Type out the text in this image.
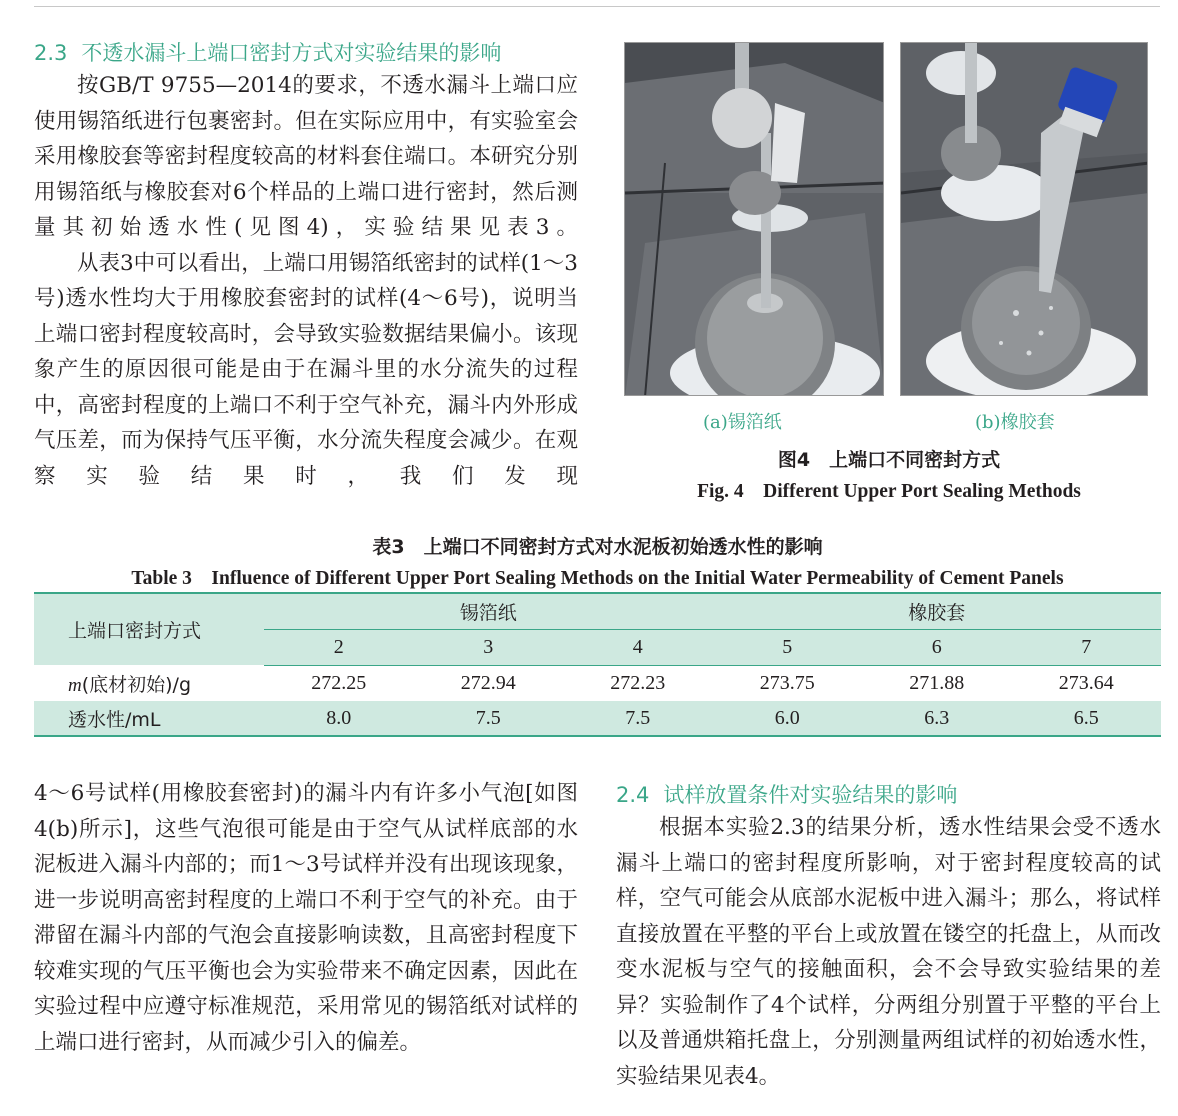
2.3 不透水漏斗上端口密封方式对实验结果的影响

按GB/T 9755—2014的要求，不透水漏斗上端口应使用锡箔纸进行包裹密封。但在实际应用中，有实验室会采用橡胶套等密封程度较高的材料套住端口。本研究分别用锡箔纸与橡胶套对6个样品的上端口进行密封，然后测量其初始透水性(见图4)，实验结果见表3。

从表3中可以看出，上端口用锡箔纸密封的试样(1～3号)透水性均大于用橡胶套密封的试样(4～6号)，说明当上端口密封程度较高时，会导致实验数据结果偏小。该现象产生的原因很可能是由于在漏斗里的水分流失的过程中，高密封程度的上端口不利于空气补充，漏斗内外形成气压差，而为保持气压平衡，水分流失程度会减少。在观察实验结果时，我们发现

(a)锡箔纸	(b)橡胶套
图4　上端口不同密封方式
Fig. 4　Different Upper Port Sealing Methods
表3　上端口不同密封方式对水泥板初始透水性的影响
Table 3　Influence of Different Upper Port Sealing Methods on the Initial Water Permeability of Cement Panels
上端口密封方式	锡箔纸			橡胶套		
	2	3	4	5	6	7
m(底材初始)/g	272.25	272.94	272.23	273.75	271.88	273.64
透水性/mL	8.0	7.5	7.5	6.0	6.3	6.5

4～6号试样(用橡胶套密封)的漏斗内有许多小气泡[如图4(b)所示]，这些气泡很可能是由于空气从试样底部的水泥板进入漏斗内部的；而1～3号试样并没有出现该现象，进一步说明高密封程度的上端口不利于空气的补充。由于滞留在漏斗内部的气泡会直接影响读数，且高密封程度下较难实现的气压平衡也会为实验带来不确定因素，因此在实验过程中应遵守标准规范，采用常见的锡箔纸对试样的上端口进行密封，从而减少引入的偏差。

2.4 试样放置条件对实验结果的影响

根据本实验2.3的结果分析，透水性结果会受不透水漏斗上端口的密封程度所影响，对于密封程度较高的试样，空气可能会从底部水泥板中进入漏斗；那么，将试样直接放置在平整的平台上或放置在镂空的托盘上，从而改变水泥板与空气的接触面积，会不会导致实验结果的差异？实验制作了4个试样，分两组分别置于平整的平台上以及普通烘箱托盘上，分别测量两组试样的初始透水性，实验结果见表4。
